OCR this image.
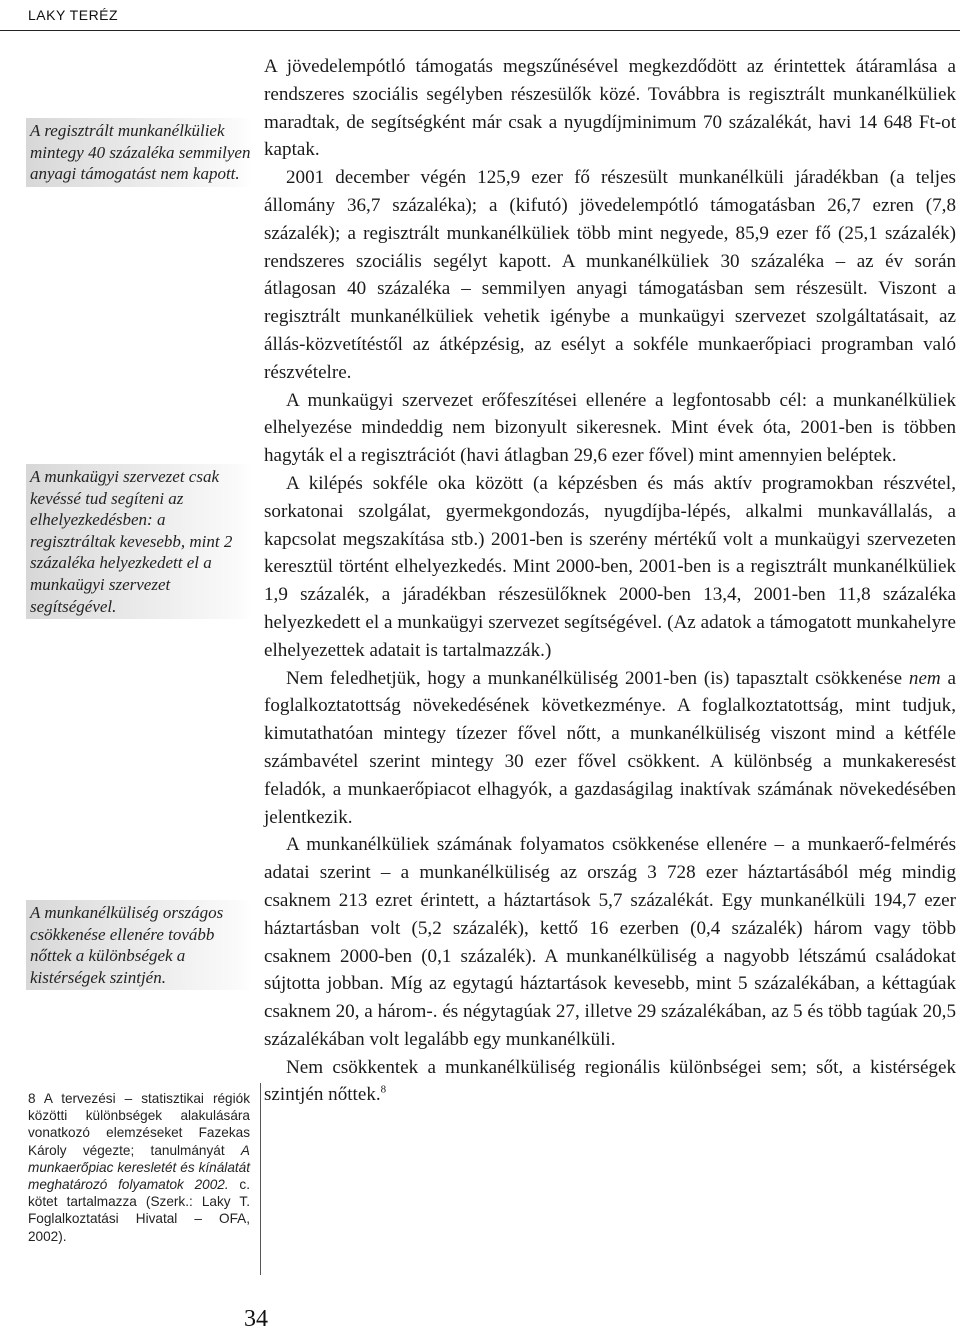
LAKY TERÉZ
A regisztrált munkanélküliek mintegy 40 százaléka semmilyen anyagi támogatást nem kapott.
A munkaügyi szervezet csak kevéssé tud segíteni az elhelyezkedésben: a regisztráltak kevesebb, mint 2 százaléka helyezkedett el a munkaügyi szervezet segítségével.
A munkanélküliség országos csökkenése ellenére tovább nőttek a különbségek a kistérségek szintjén.
8 A tervezési – statisztikai régiók közötti különbségek alakulására vonatkozó elemzéseket Fazekas Károly végezte; tanulmányát A munkaerőpiac keresletét és kínálatát meghatározó folyamatok 2002. c. kötet tartalmazza (Szerk.: Laky T. Foglalkoztatási Hivatal – OFA, 2002).

A jövedelempótló támogatás megszűnésével megkezdődött az érintettek átáramlása a rendszeres szociális segélyben részesülők közé. Továbbra is regisztrált munkanélküliek maradtak, de segítségként már csak a nyugdíjminimum 70 százalékát, havi 14 648 Ft-ot kaptak.

2001 december végén 125,9 ezer fő részesült munkanélküli járadékban (a teljes állomány 36,7 százaléka); a (kifutó) jövedelempótló támogatásban 26,7 ezren (7,8 százalék); a regisztrált munkanélküliek több mint negyede, 85,9 ezer fő (25,1 százalék) rendszeres szociális segélyt kapott. A munkanélküliek 30 százaléka – az év során átlagosan 40 százaléka – semmilyen anyagi támogatásban sem részesült. Viszont a regisztrált munkanélküliek vehetik igénybe a munkaügyi szervezet szolgáltatásait, az állás-közvetítéstől az átképzésig, az esélyt a sokféle munkaerőpiaci programban való részvételre.

A munkaügyi szervezet erőfeszítései ellenére a legfontosabb cél: a munkanélküliek elhelyezése mindeddig nem bizonyult sikeresnek. Mint évek óta, 2001-ben is többen hagyták el a regisztrációt (havi átlagban 29,6 ezer fővel) mint amennyien beléptek.

A kilépés sokféle oka között (a képzésben és más aktív programokban részvétel, sorkatonai szolgálat, gyermekgondozás, nyugdíjba-lépés, alkalmi munkavállalás, a kapcsolat megszakítása stb.) 2001-ben is szerény mértékű volt a munkaügyi szervezeten keresztül történt elhelyezkedés. Mint 2000-ben, 2001-ben is a regisztrált munkanélküliek 1,9 százalék, a járadékban részesülőknek 2000-ben 13,4, 2001-ben 11,8 százaléka helyezkedett el a munkaügyi szervezet segítségével. (Az adatok a támogatott munkahelyre elhelyezettek adatait is tartalmazzák.)

Nem feledhetjük, hogy a munkanélküliség 2001-ben (is) tapasztalt csökkenése nem a foglalkoztatottság növekedésének következménye. A foglalkoztatottság, mint tudjuk, kimutathatóan mintegy tízezer fővel nőtt, a munkanélküliség viszont mind a kétféle számbavétel szerint mintegy 30 ezer fővel csökkent. A különbség a munkakeresést feladók, a munkaerőpiacot elhagyók, a gazdaságilag inaktívak számának növekedésében jelentkezik.

A munkanélküliek számának folyamatos csökkenése ellenére – a munkaerő-felmérés adatai szerint – a munkanélküliség az ország 3 728 ezer háztartásából még mindig csaknem 213 ezret érintett, a háztartások 5,7 százalékát. Egy munkanélküli 194,7 ezer háztartásban volt (5,2 százalék), kettő 16 ezerben (0,4 százalék) három vagy több csaknem 2000-ben (0,1 százalék). A munkanélküliség a nagyobb létszámú családokat sújtotta jobban. Míg az egytagú háztartások kevesebb, mint 5 százalékában, a kéttagúak csaknem 20, a három-. és négytagúak 27, illetve 29 százalékában, az 5 és több tagúak 20,5 százalékában volt legalább egy munkanélküli.

Nem csökkentek a munkanélküliség regionális különbségei sem; sőt, a kistérségek szintjén nőttek.$^8$

34
